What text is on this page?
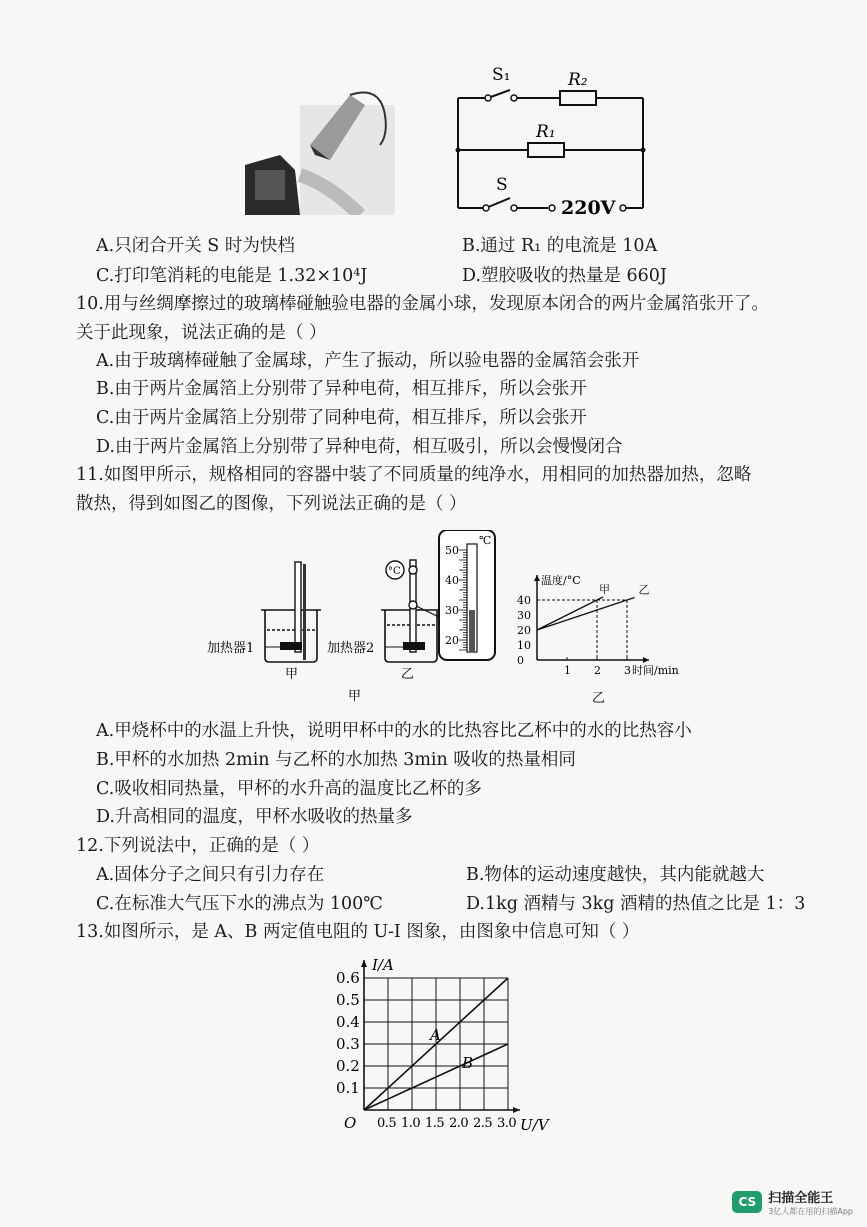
S₁	R₂
R₁
S
220V
A.只闭合开关 S 时为快档	B.通过 R₁ 的电流是 10A
C.打印笔消耗的电能是 1.32×10⁴J	D.塑胶吸收的热量是 660J
10.用与丝绸摩擦过的玻璃棒碰触验电器的金属小球，发现原本闭合的两片金属箔张开了。
关于此现象，说法正确的是（ ）
A.由于玻璃棒碰触了金属球，产生了振动，所以验电器的金属箔会张开
B.由于两片金属箔上分别带了异种电荷，相互排斥，所以会张开
C.由于两片金属箔上分别带了同种电荷，相互排斥，所以会张开
D.由于两片金属箔上分别带了异种电荷，相互吸引，所以会慢慢闭合
11.如图甲所示，规格相同的容器中装了不同质量的纯净水，用相同的加热器加热，忽略
散热，得到如图乙的图像，下列说法正确的是（ ）
°C
℃
50
40
30
20
加热器1	加热器2
甲	乙
甲
0
10
20
30
40
1 2 3 时间/min
温度/°C
甲	乙
乙
A.甲烧杯中的水温上升快，说明甲杯中的水的比热容比乙杯中的水的比热容小
B.甲杯的水加热 2min 与乙杯的水加热 3min 吸收的热量相同
C.吸收相同热量，甲杯的水升高的温度比乙杯的多
D.升高相同的温度，甲杯水吸收的热量多
12.下列说法中，正确的是（ ）
A.固体分子之间只有引力存在	B.物体的运动速度越快，其内能就越大
C.在标准大气压下水的沸点为 100℃	D.1kg 酒精与 3kg 酒精的热值之比是 1：3
13.如图所示，是 A、B 两定值电阻的 U-I 图象，由图象中信息可知（ ）
0.1
0.2
0.3
0.4
0.5
0.6
0.5 1.0 1.5 2.0 2.5 3.0
O	U/V
I/A
A
B
CS 扫描全能王
3亿人都在用的扫描App
